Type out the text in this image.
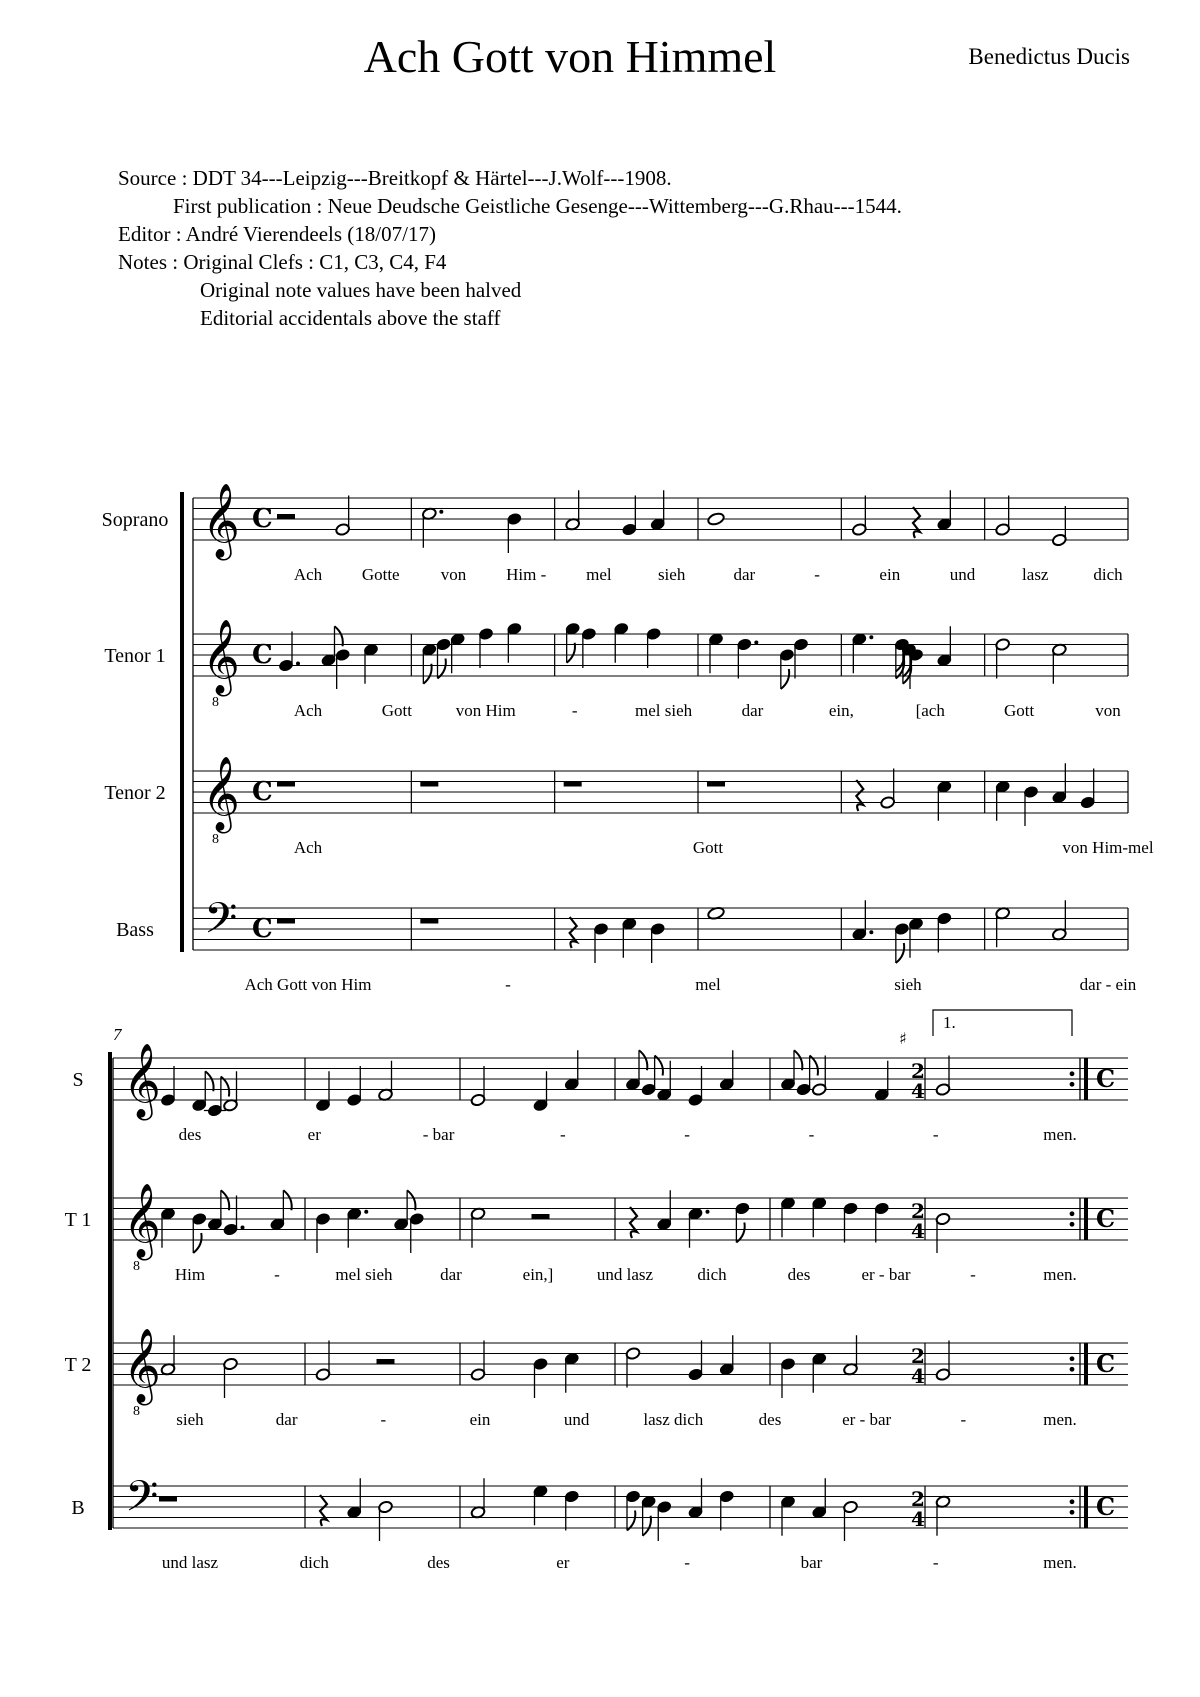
Ach Gott von Himmel	Benedictus Ducis
Source : DDT 34---Leipzig---Breitkopf & Härtel---J.Wolf---1908.
First publication : Neue Deudsche Geistliche Gesenge---Wittemberg---G.Rhau---1544.
Editor : André Vierendeels (18/07/17)
Notes : Original Clefs : C1, C3, C4, F4
Original note values have been halved
Editorial accidentals above the staff
Soprano 𝄞 C
Ach Gotte von Him - mel	sieh	dar	-	ein	und	lasz	dich
Tenor 1 𝄞
8
C
Ach	Gott	von Him	-	mel sieh	dar	ein,	[ach	Gott	von
Tenor 2 𝄞
8
C
Ach	Gott	von Him-mel
Bass 𝄢 C
Ach Gott von Him	-	mel	sieh	dar - ein
7
S 𝄞
des	er	- bar	-	-	-	-	men.
2
4	C
T 1 𝄞
8 Him	-	mel sieh	dar	ein,]	und lasz	dich	des	er - bar	-	men.
2
4	C
T 2 𝄞
8 sieh	dar	-	ein	und	lasz dich	des	er - bar	-	men.
2
4	C
B 𝄢
und lasz	dich	des	er	-	bar	-	men.
2
4	C
1.
♯
